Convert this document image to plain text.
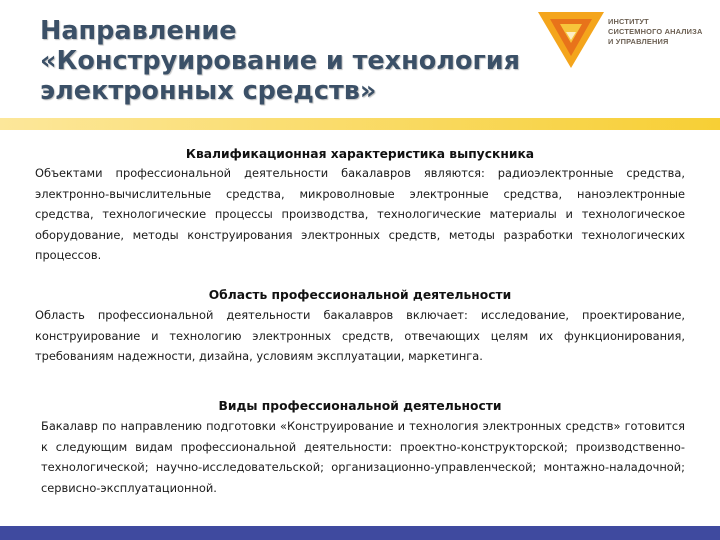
Направление
«Конструирование и технология
электронных средств»
ИНСТИТУТ
СИСТЕМНОГО АНАЛИЗА
И УПРАВЛЕНИЯ
Квалификационная характеристика выпускника
Объектами профессиональной деятельности бакалавров являются: радиоэлектронные средства, электронно-вычислительные средства, микроволновые электронные средства, наноэлектронные средства, технологические процессы производства, технологические материалы и технологическое оборудование, методы конструирования электронных средств, методы разработки технологических процессов.
Область профессиональной деятельности
Область профессиональной деятельности бакалавров включает: исследование, проектирование, конструирование и технологию электронных средств, отвечающих целям их функционирования, требованиям надежности, дизайна, условиям эксплуатации, маркетинга.
Виды профессиональной деятельности
Бакалавр по направлению подготовки «Конструирование и технология электронных средств» готовится к следующим видам профессиональной деятельности: проектно-конструкторской; производственно-технологической; научно-исследовательской; организационно-управленческой; монтажно-наладочной; сервисно-эксплуатационной.
